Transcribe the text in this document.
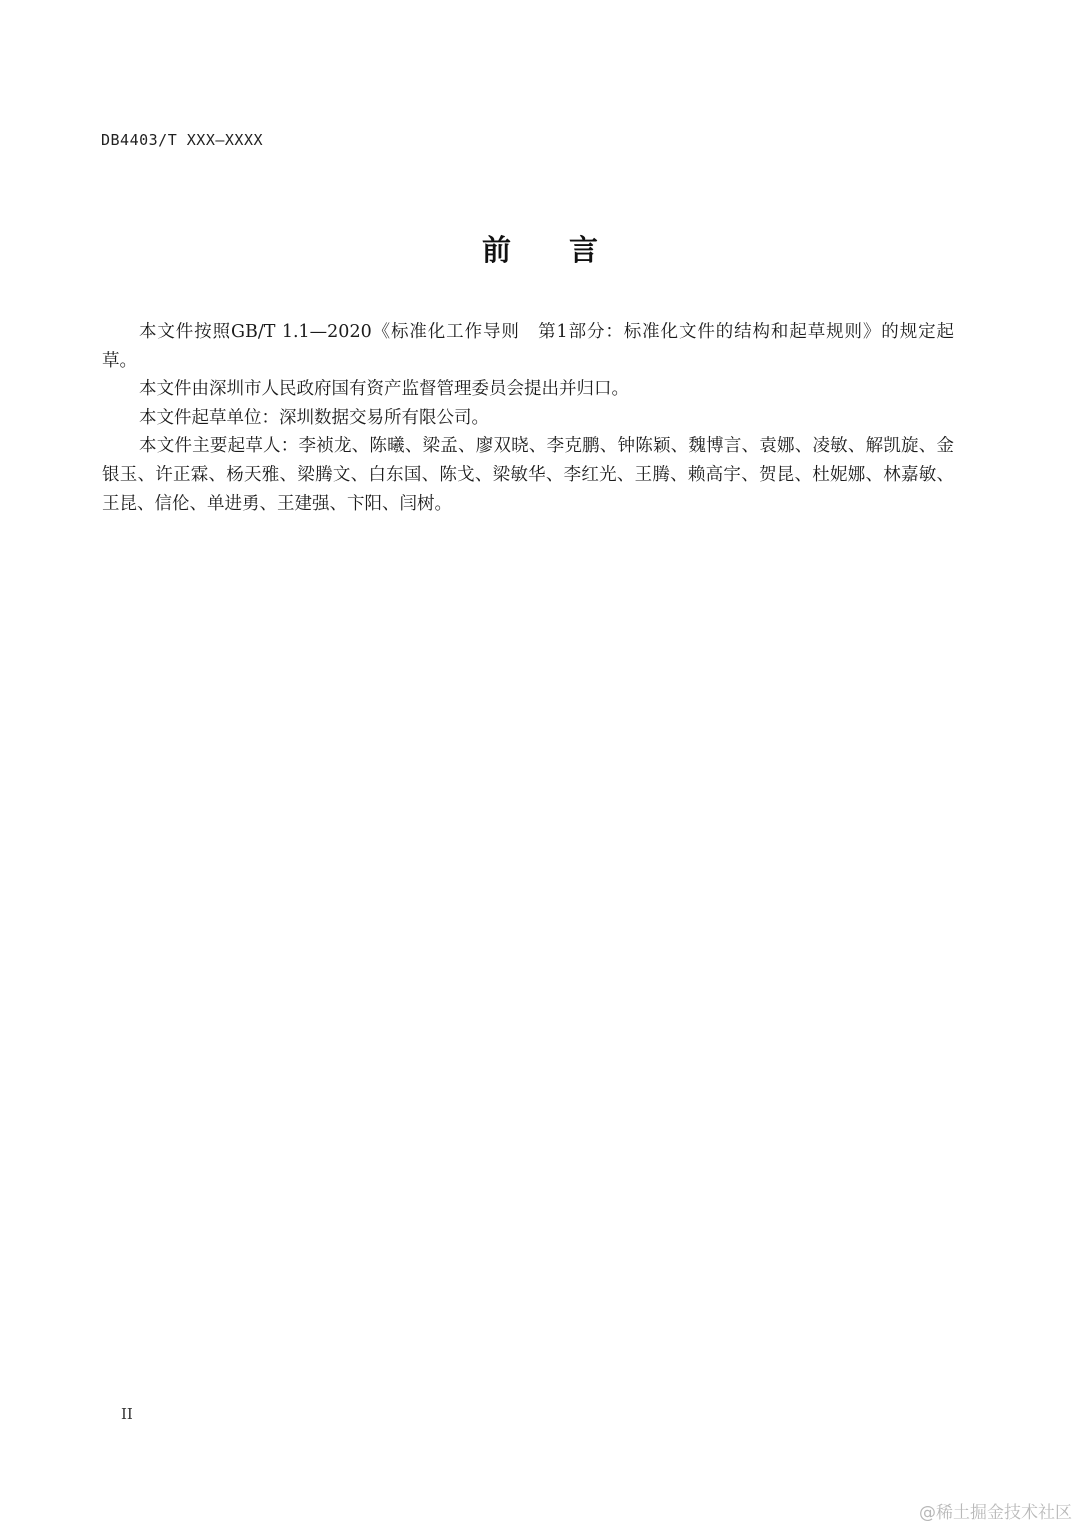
DB4403/T XXX—XXXX
前 言

本文件按照GB/T 1.1—2020《标准化工作导则　第1部分：标准化文件的结构和起草规则》的规定起草。

本文件由深圳市人民政府国有资产监督管理委员会提出并归口。

本文件起草单位：深圳数据交易所有限公司。

本文件主要起草人：李祯龙、陈曦、梁孟、廖双晓、李克鹏、钟陈颖、魏博言、袁娜、凌敏、解凯旋、金银玉、许正霖、杨天雅、梁腾文、白东国、陈戈、梁敏华、李红光、王腾、赖高宇、贺昆、杜妮娜、林嘉敏、王昆、信伦、单进勇、王建强、卞阳、闫树。

II
@稀土掘金技术社区
